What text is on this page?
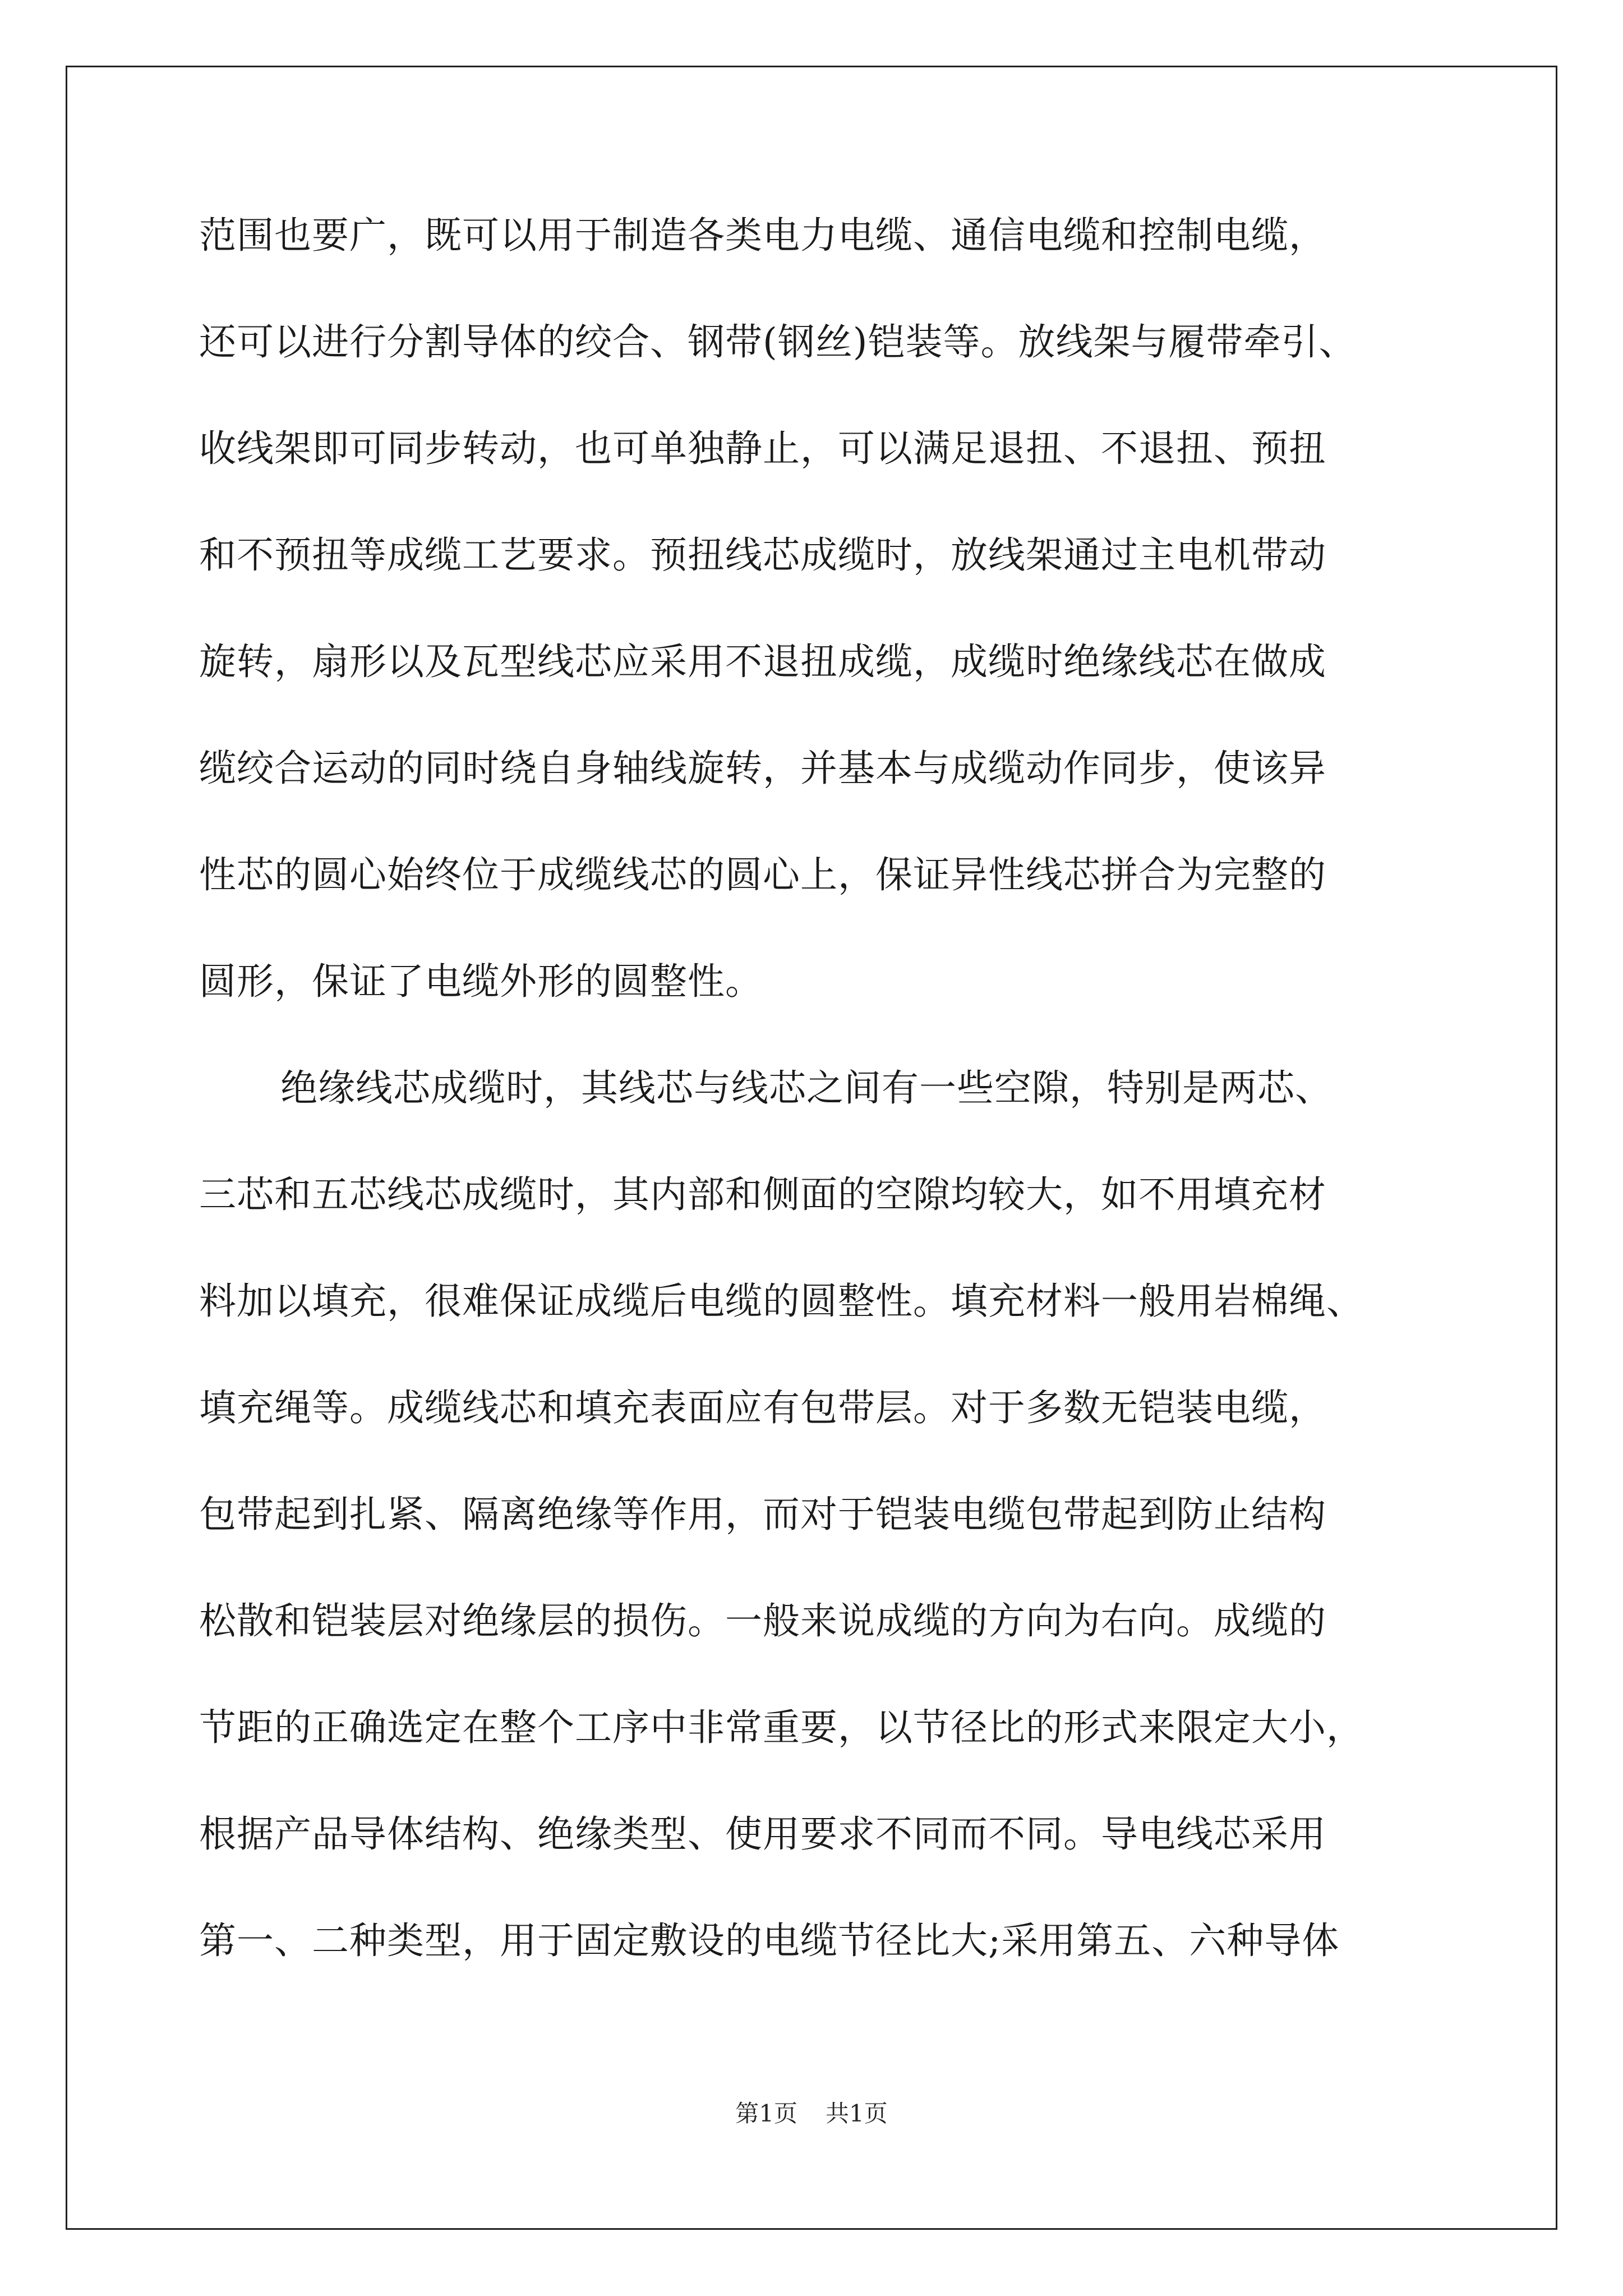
范围也要广，既可以用于制造各类电力电缆、通信电缆和控制电缆，
还可以进行分割导体的绞合、钢带(钢丝)铠装等。放线架与履带牵引、
收线架即可同步转动，也可单独静止，可以满足退扭、不退扭、预扭
和不预扭等成缆工艺要求。预扭线芯成缆时，放线架通过主电机带动
旋转，扇形以及瓦型线芯应采用不退扭成缆，成缆时绝缘线芯在做成
缆绞合运动的同时绕自身轴线旋转，并基本与成缆动作同步，使该异
性芯的圆心始终位于成缆线芯的圆心上，保证异性线芯拼合为完整的
圆形，保证了电缆外形的圆整性。
绝缘线芯成缆时，其线芯与线芯之间有一些空隙，特别是两芯、
三芯和五芯线芯成缆时，其内部和侧面的空隙均较大，如不用填充材
料加以填充，很难保证成缆后电缆的圆整性。填充材料一般用岩棉绳、
填充绳等。成缆线芯和填充表面应有包带层。对于多数无铠装电缆，
包带起到扎紧、隔离绝缘等作用，而对于铠装电缆包带起到防止结构
松散和铠装层对绝缘层的损伤。一般来说成缆的方向为右向。成缆的
节距的正确选定在整个工序中非常重要，以节径比的形式来限定大小，
根据产品导体结构、绝缘类型、使用要求不同而不同。导电线芯采用
第一、二种类型，用于固定敷设的电缆节径比大;采用第五、六种导体
第1页 共1页
